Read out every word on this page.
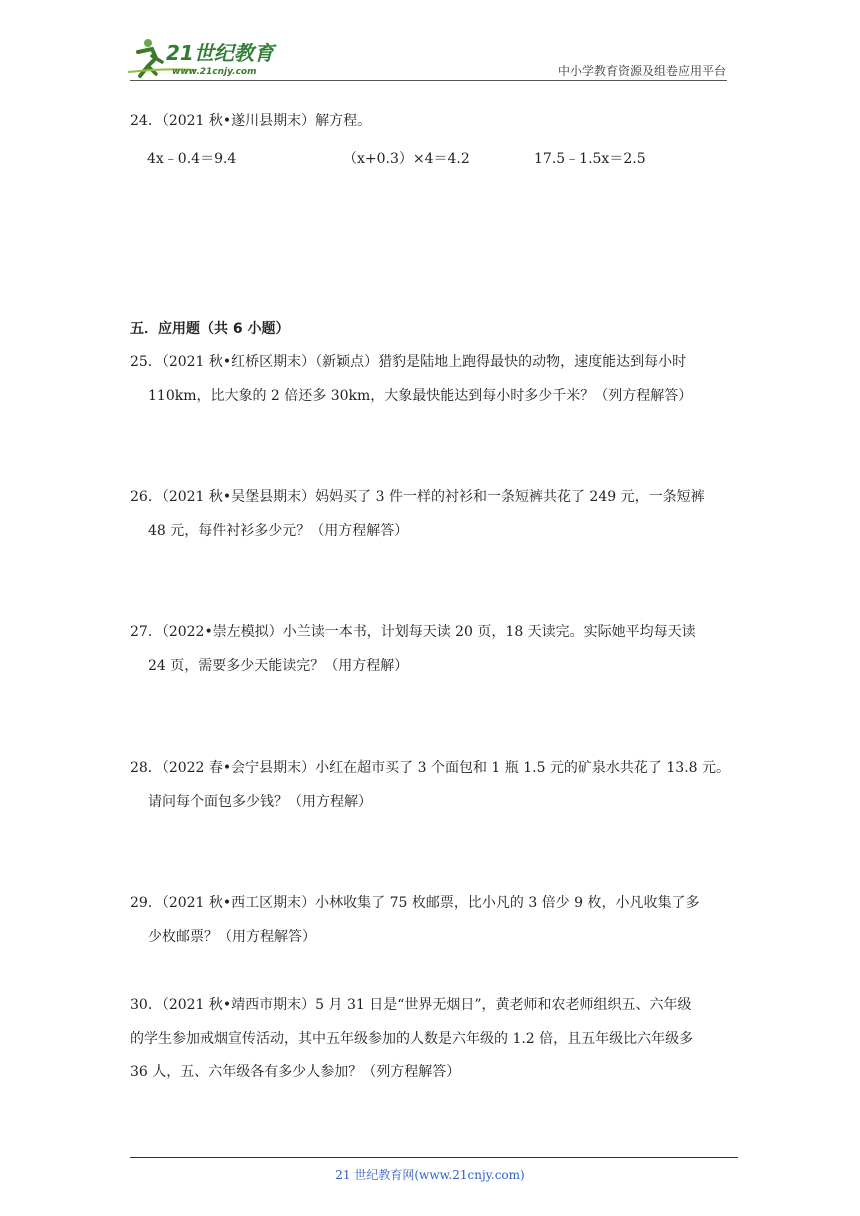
21世纪教育
www.21cnjy.com	中小学教育资源及组卷应用平台
24．（2021 秋•遂川县期末）解方程。
4x﹣0.4＝9.4	（x+0.3）×4＝4.2	17.5﹣1.5x＝2.5
五．应用题（共 6 小题）
25．（2021 秋•红桥区期末）（新颖点）猎豹是陆地上跑得最快的动物，速度能达到每小时
110km，比大象的 2 倍还多 30km，大象最快能达到每小时多少千米？（列方程解答）
26．（2021 秋•吴堡县期末）妈妈买了 3 件一样的衬衫和一条短裤共花了 249 元，一条短裤
48 元，每件衬衫多少元？（用方程解答）
27．（2022•崇左模拟）小兰读一本书，计划每天读 20 页，18 天读完。实际她平均每天读
24 页，需要多少天能读完？（用方程解）
28．（2022 春•会宁县期末）小红在超市买了 3 个面包和 1 瓶 1.5 元的矿泉水共花了 13.8 元。
请问每个面包多少钱？（用方程解）
29．（2021 秋•西工区期末）小林收集了 75 枚邮票，比小凡的 3 倍少 9 枚，小凡收集了多
少枚邮票？（用方程解答）
30．（2021 秋•靖西市期末）5 月 31 日是“世界无烟日”，黄老师和农老师组织五、六年级
的学生参加戒烟宣传活动，其中五年级参加的人数是六年级的 1.2 倍，且五年级比六年级多
36 人，五、六年级各有多少人参加？（列方程解答）
21 世纪教育网(www.21cnjy.com)
